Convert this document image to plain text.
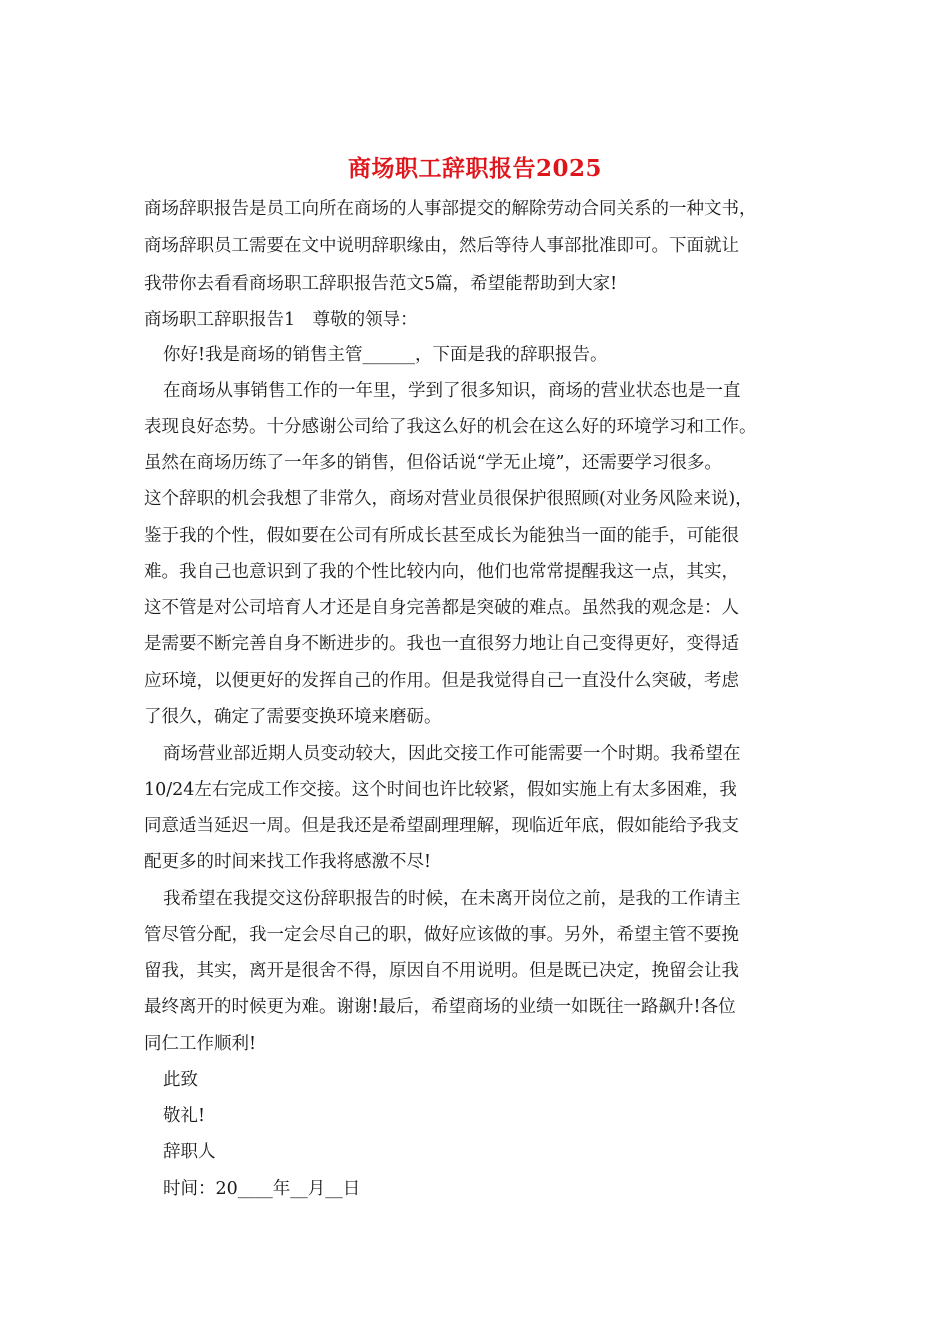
商场职工辞职报告2025
商场辞职报告是员工向所在商场的人事部提交的解除劳动合同关系的一种文书，
商场辞职员工需要在文中说明辞职缘由，然后等待人事部批准即可。下面就让
我带你去看看商场职工辞职报告范文5篇，希望能帮助到大家!
商场职工辞职报告1　尊敬的领导：
你好!我是商场的销售主管______，下面是我的辞职报告。
在商场从事销售工作的一年里，学到了很多知识，商场的营业状态也是一直
表现良好态势。十分感谢公司给了我这么好的机会在这么好的环境学习和工作。
虽然在商场历练了一年多的销售，但俗话说“学无止境”，还需要学习很多。
这个辞职的机会我想了非常久，商场对营业员很保护很照顾(对业务风险来说)，
鉴于我的个性，假如要在公司有所成长甚至成长为能独当一面的能手，可能很
难。我自己也意识到了我的个性比较内向，他们也常常提醒我这一点，其实，
这不管是对公司培育人才还是自身完善都是突破的难点。虽然我的观念是：人
是需要不断完善自身不断进步的。我也一直很努力地让自己变得更好，变得适
应环境，以便更好的发挥自己的作用。但是我觉得自己一直没什么突破，考虑
了很久，确定了需要变换环境来磨砺。
商场营业部近期人员变动较大，因此交接工作可能需要一个时期。我希望在
10/24左右完成工作交接。这个时间也许比较紧，假如实施上有太多困难，我
同意适当延迟一周。但是我还是希望副理理解，现临近年底，假如能给予我支
配更多的时间来找工作我将感激不尽!
我希望在我提交这份辞职报告的时候，在未离开岗位之前，是我的工作请主
管尽管分配，我一定会尽自己的职，做好应该做的事。另外，希望主管不要挽
留我，其实，离开是很舍不得，原因自不用说明。但是既已决定，挽留会让我
最终离开的时候更为难。谢谢!最后，希望商场的业绩一如既往一路飙升!各位
同仁工作顺利!
此致
敬礼!
辞职人
时间：20____年__月__日
